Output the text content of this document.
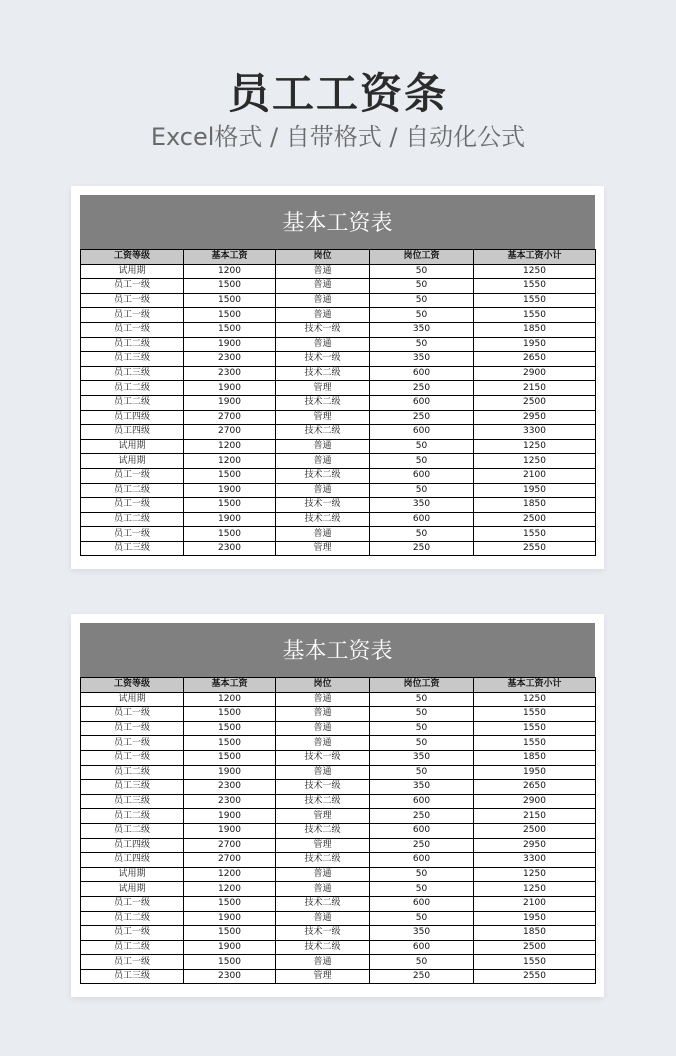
员工工资条
Excel格式 / 自带格式 / 自动化公式
基本工资表
工资等级	基本工资	岗位	岗位工资	基本工资小计
试用期	1200	普通	50	1250
员工一级	1500	普通	50	1550
员工一级	1500	普通	50	1550
员工一级	1500	普通	50	1550
员工一级	1500	技术一级	350	1850
员工二级	1900	普通	50	1950
员工三级	2300	技术一级	350	2650
员工三级	2300	技术二级	600	2900
员工二级	1900	管理	250	2150
员工二级	1900	技术二级	600	2500
员工四级	2700	管理	250	2950
员工四级	2700	技术二级	600	3300
试用期	1200	普通	50	1250
试用期	1200	普通	50	1250
员工一级	1500	技术二级	600	2100
员工二级	1900	普通	50	1950
员工一级	1500	技术一级	350	1850
员工二级	1900	技术二级	600	2500
员工一级	1500	普通	50	1550
员工三级	2300	管理	250	2550
基本工资表
工资等级	基本工资	岗位	岗位工资	基本工资小计
试用期	1200	普通	50	1250
员工一级	1500	普通	50	1550
员工一级	1500	普通	50	1550
员工一级	1500	普通	50	1550
员工一级	1500	技术一级	350	1850
员工二级	1900	普通	50	1950
员工三级	2300	技术一级	350	2650
员工三级	2300	技术二级	600	2900
员工二级	1900	管理	250	2150
员工二级	1900	技术二级	600	2500
员工四级	2700	管理	250	2950
员工四级	2700	技术二级	600	3300
试用期	1200	普通	50	1250
试用期	1200	普通	50	1250
员工一级	1500	技术二级	600	2100
员工二级	1900	普通	50	1950
员工一级	1500	技术一级	350	1850
员工二级	1900	技术二级	600	2500
员工一级	1500	普通	50	1550
员工三级	2300	管理	250	2550
